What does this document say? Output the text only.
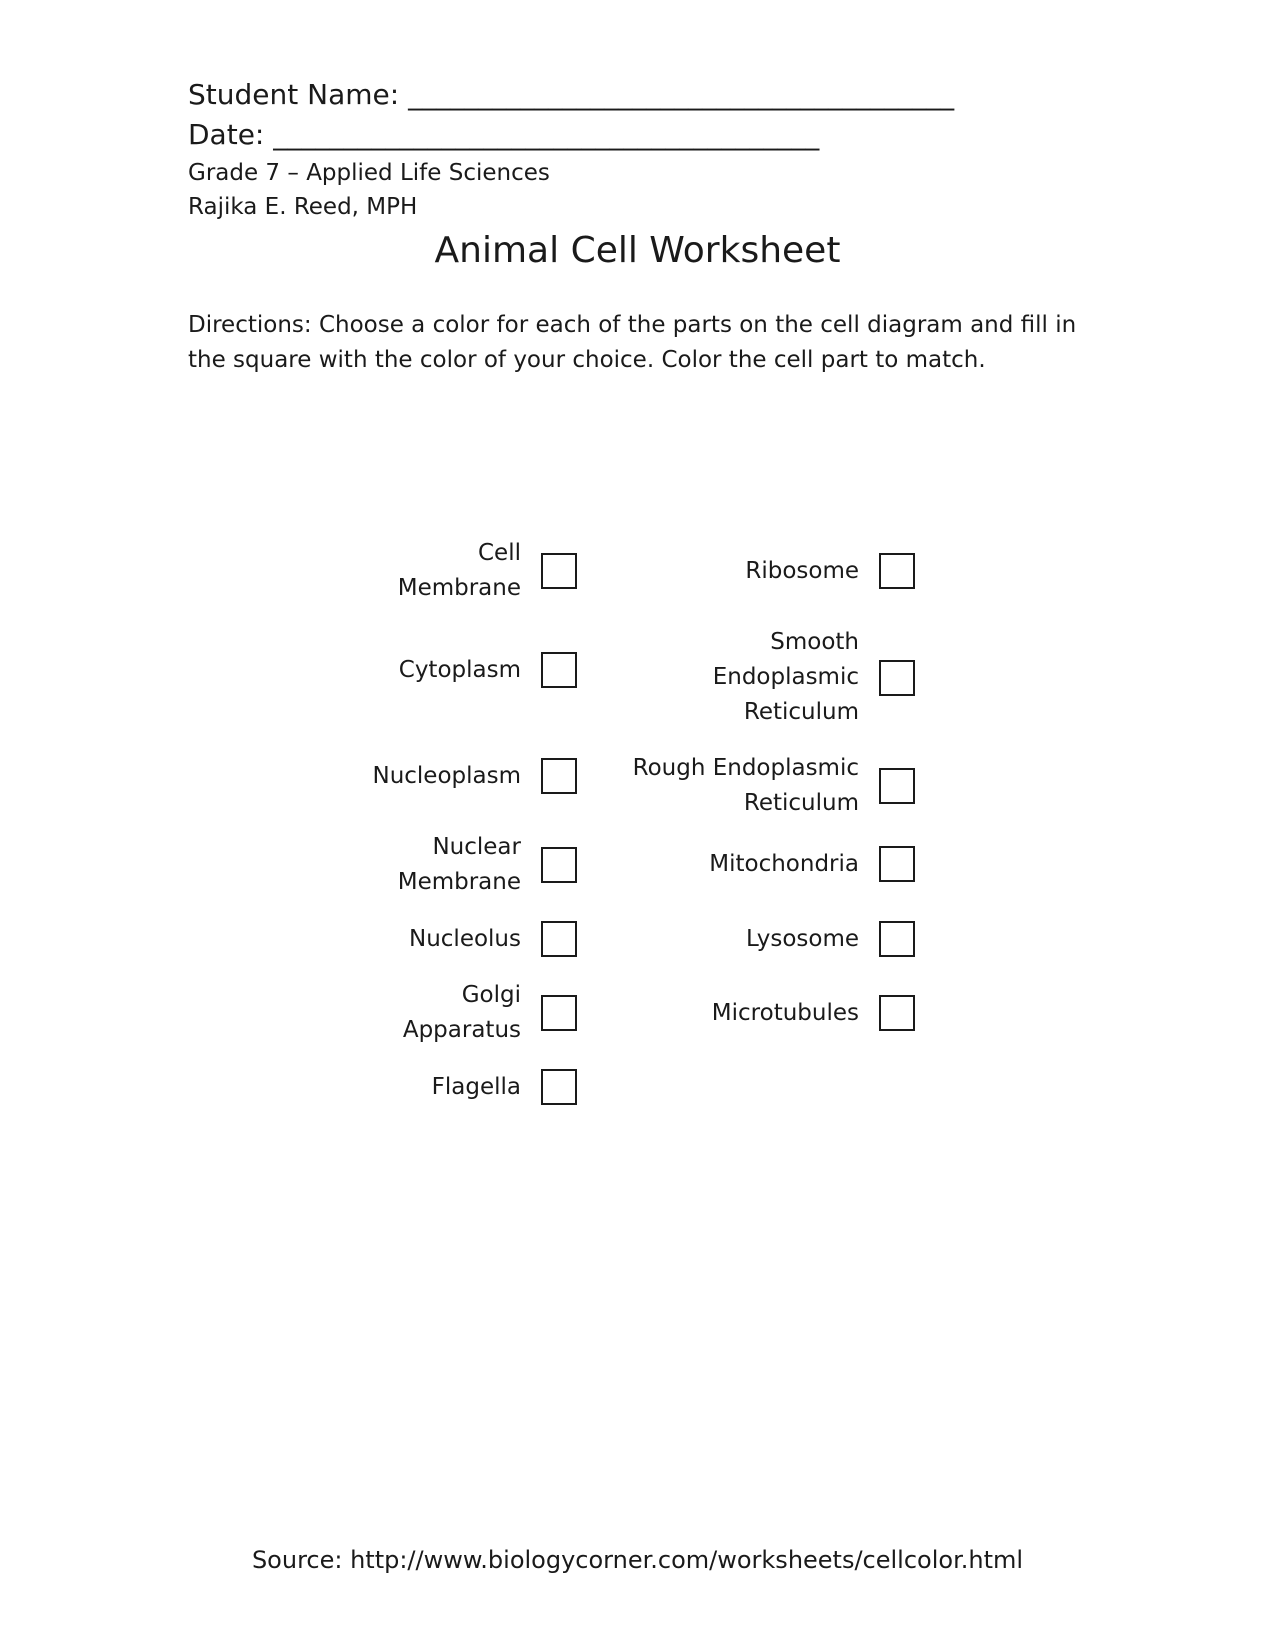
Student Name: _______________________________________
Date: _______________________________________
Grade 7 – Applied Life Sciences
Rajika E. Reed, MPH
Animal Cell Worksheet
Directions: Choose a color for each of the parts on the cell diagram and fill in the square with the color of your choice. Color the cell part to match.
Cell Membrane
Cytoplasm
Nucleoplasm
Nuclear Membrane
Nucleolus
Golgi Apparatus
Flagella
Ribosome
Smooth Endoplasmic Reticulum
Rough Endoplasmic Reticulum
Mitochondria
Lysosome
Microtubules
Source: http://www.biologycorner.com/worksheets/cellcolor.html
